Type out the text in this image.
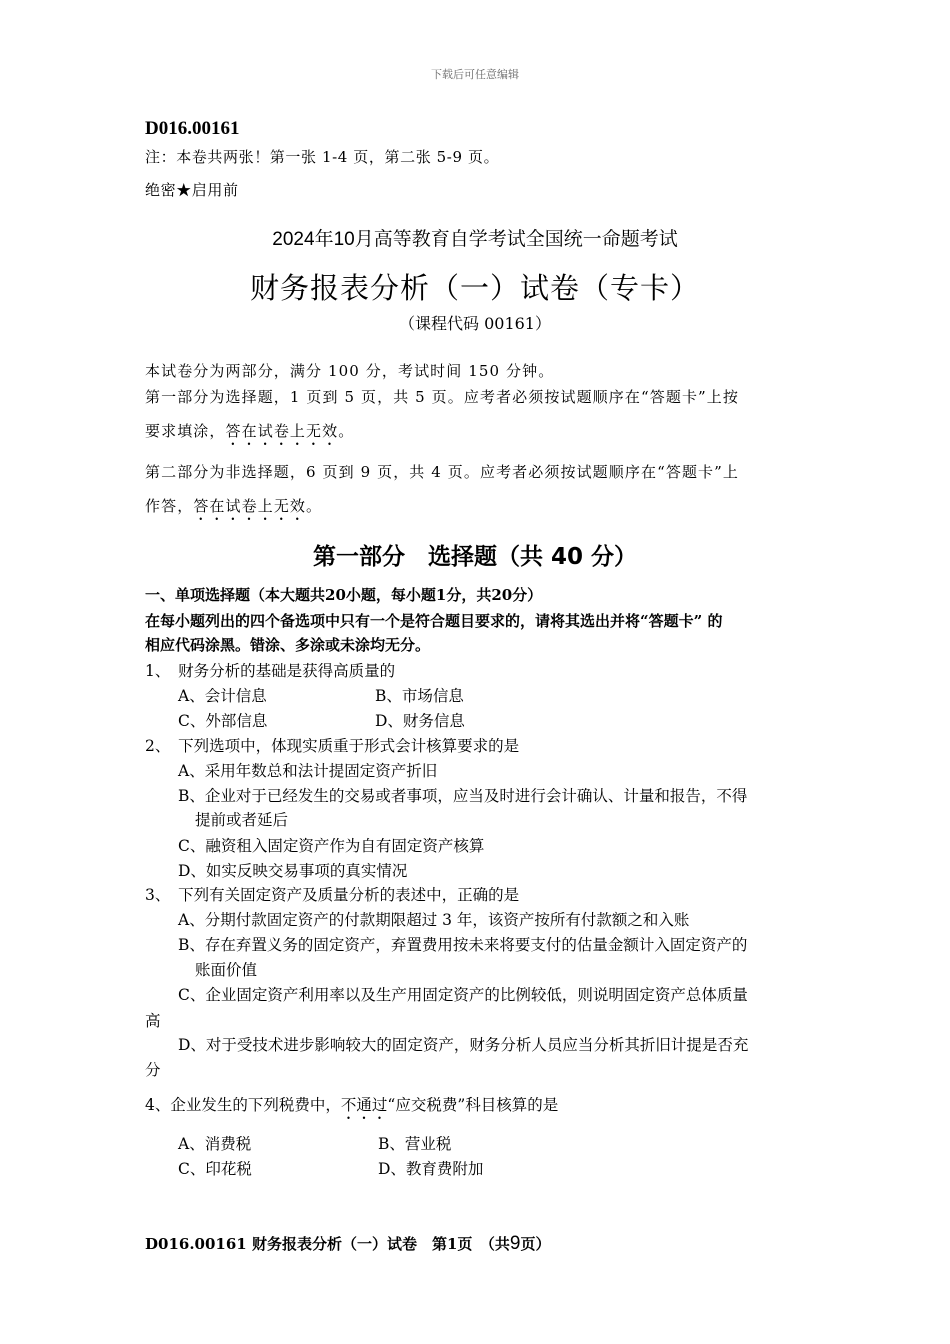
下载后可任意编辑
D016.00161
注：本卷共两张！第一张 1-4 页，第二张 5-9 页。
绝密★启用前
2024年10月高等教育自学考试全国统一命题考试
财务报表分析（一）试卷（专卡）
（课程代码 00161）
本试卷分为两部分，满分 100 分，考试时间 150 分钟。
第一部分为选择题，1 页到 5 页，共 5 页。应考者必须按试题顺序在“答题卡”上按
要求填涂，答在试卷上无效。
第二部分为非选择题，6 页到 9 页，共 4 页。应考者必须按试题顺序在“答题卡”上
作答，答在试卷上无效。
第一部分　选择题（共 40 分）
一、单项选择题（本大题共20小题，每小题1分，共20分）
在每小题列出的四个备选项中只有一个是符合题目要求的，请将其选出并将“答题卡” 的
相应代码涂黑。错涂、多涂或未涂均无分。
1、　财务分析的基础是获得高质量的
A、会计信息	B、市场信息
C、外部信息	D、财务信息
2、　下列选项中，体现实质重于形式会计核算要求的是
A、采用年数总和法计提固定资产折旧
B、企业对于已经发生的交易或者事项，应当及时进行会计确认、计量和报告，不得
提前或者延后
C、融资租入固定资产作为自有固定资产核算
D、如实反映交易事项的真实情况
3、　下列有关固定资产及质量分析的表述中，正确的是
A、分期付款固定资产的付款期限超过 3 年，该资产按所有付款额之和入账
B、存在弃置义务的固定资产，弃置费用按未来将要支付的估量金额计入固定资产的
账面价值
C、企业固定资产利用率以及生产用固定资产的比例较低，则说明固定资产总体质量
高
D、对于受技术进步影响较大的固定资产，财务分析人员应当分析其折旧计提是否充
分
4、企业发生的下列税费中，不通过“应交税费”科目核算的是
A、消费税	B、营业税
C、印花税	D、教育费附加
D016.00161 财务报表分析（一）试卷　第1页　（共9页）
